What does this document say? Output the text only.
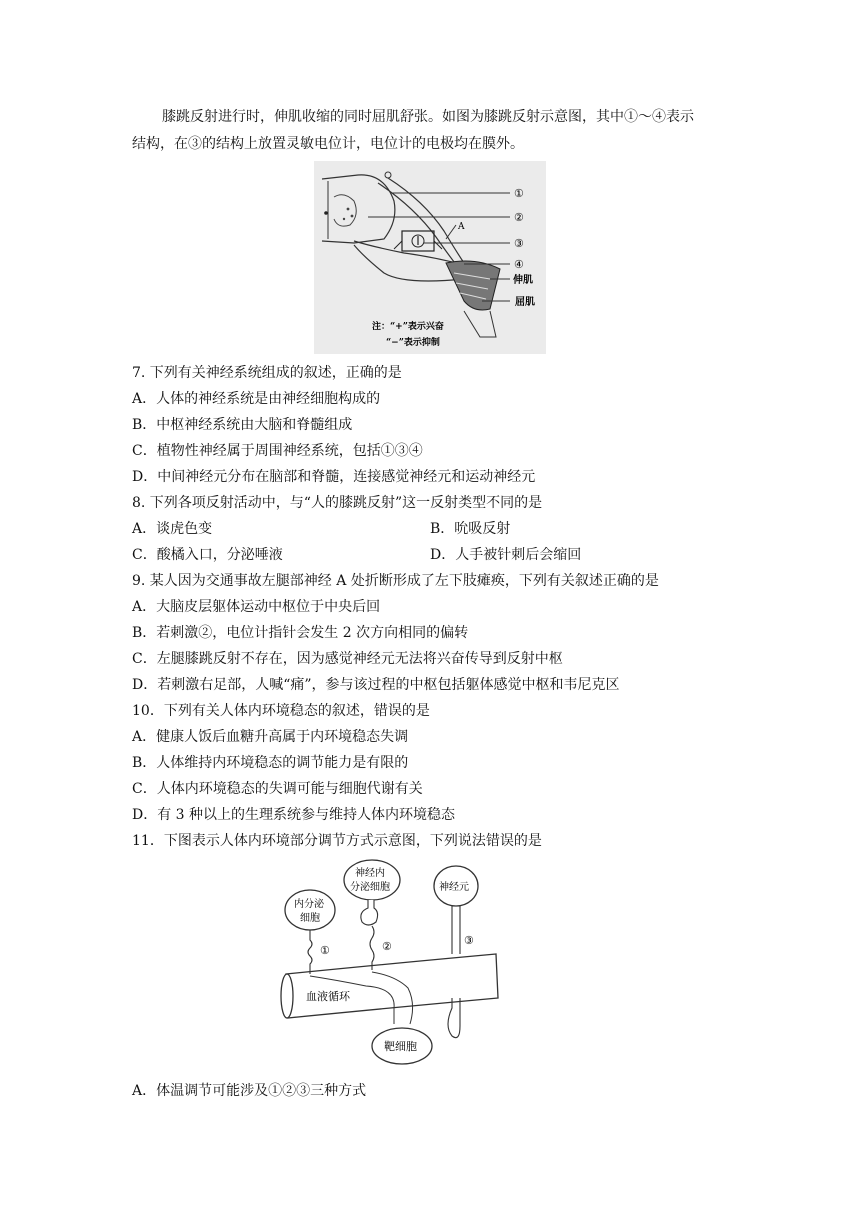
膝跳反射进行时，伸肌收缩的同时屈肌舒张。如图为膝跳反射示意图，其中①～④表示
结构，在③的结构上放置灵敏电位计，电位计的电极均在膜外。
①
②
③
④
A
伸肌
屈肌
注：“+”表示兴奋
“−”表示抑制
7. 下列有关神经系统组成的叙述，正确的是
A．人体的神经系统是由神经细胞构成的
B．中枢神经系统由大脑和脊髓组成
C．植物性神经属于周围神经系统，包括①③④
D．中间神经元分布在脑部和脊髓，连接感觉神经元和运动神经元
8. 下列各项反射活动中，与“人的膝跳反射”这一反射类型不同的是
A．谈虎色变	B．吮吸反射
C．酸橘入口，分泌唾液	D．人手被针刺后会缩回
9. 某人因为交通事故左腿部神经 A 处折断形成了左下肢瘫痪，下列有关叙述正确的是
A．大脑皮层躯体运动中枢位于中央后回
B．若刺激②，电位计指针会发生 2 次方向相同的偏转
C．左腿膝跳反射不存在，因为感觉神经元无法将兴奋传导到反射中枢
D．若刺激右足部，人喊“痛”，参与该过程的中枢包括躯体感觉中枢和韦尼克区
10．下列有关人体内环境稳态的叙述，错误的是
A．健康人饭后血糖升高属于内环境稳态失调
B．人体维持内环境稳态的调节能力是有限的
C．人体内环境稳态的失调可能与细胞代谢有关
D．有 3 种以上的生理系统参与维持人体内环境稳态
11．下图表示人体内环境部分调节方式示意图，下列说法错误的是
血液循环
内分泌
细胞
①
神经内
分泌细胞
②
神经元
③
靶细胞
A．体温调节可能涉及①②③三种方式
